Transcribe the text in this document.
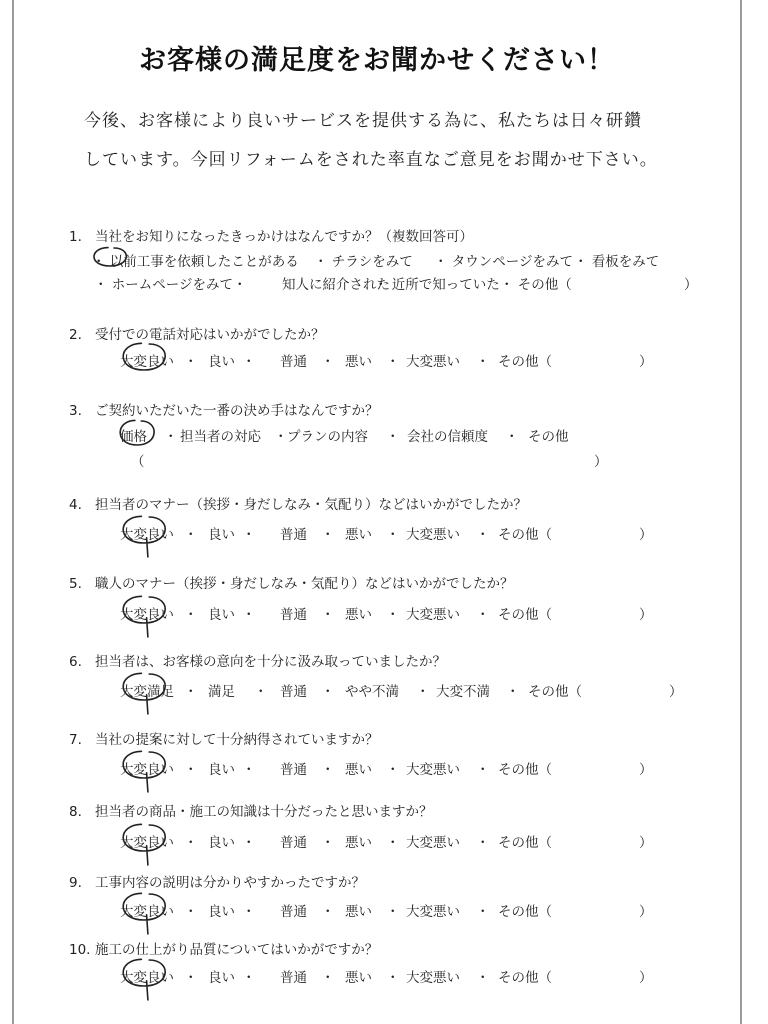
お客様の満足度をお聞かせください！
今後、お客様により良いサービスを提供する為に、私たちは日々研鑽
しています。今回リフォームをされた率直なご意見をお聞かせ下さい。
1. 当社をお知りになったきっかけはなんですか？（複数回答可）
・ 以前工事を依頼したことがある ・ チラシをみて ・ タウンページをみて ・ 看板をみて
・ ホームページをみて・	知人に紹介された
・ 近所で知っていた ・ その他（	）
2. 受付での電話対応はいかがでしたか？
大変良い ・ 良い ・ 普通 ・ 悪い ・ 大変悪い ・ その他（	）
3. ご契約いただいた一番の決め手はなんですか？
価格 ・ 担当者の対応 ・ プランの内容 ・ 会社の信頼度 ・ その他
（	）
4. 担当者のマナー（挨拶・身だしなみ・気配り）などはいかがでしたか？
大変良い ・ 良い ・ 普通 ・ 悪い ・ 大変悪い ・ その他（	）
5. 職人のマナー（挨拶・身だしなみ・気配り）などはいかがでしたか？
大変良い ・ 良い ・ 普通 ・ 悪い ・ 大変悪い ・ その他（	）
6. 担当者は、お客様の意向を十分に汲み取っていましたか？
大変満足 ・ 満足 ・ 普通 ・ やや不満 ・ 大変不満 ・ その他（	）
7. 当社の提案に対して十分納得されていますか？
大変良い ・ 良い ・ 普通 ・ 悪い ・ 大変悪い ・ その他（	）
8. 担当者の商品・施工の知識は十分だったと思いますか？
大変良い ・ 良い ・ 普通 ・ 悪い ・ 大変悪い ・ その他（	）
9. 工事内容の説明は分かりやすかったですか？
大変良い ・ 良い ・ 普通 ・ 悪い ・ 大変悪い ・ その他（	）
10. 施工の仕上がり品質についてはいかがですか？
大変良い ・ 良い ・ 普通 ・ 悪い ・ 大変悪い ・ その他（	）
